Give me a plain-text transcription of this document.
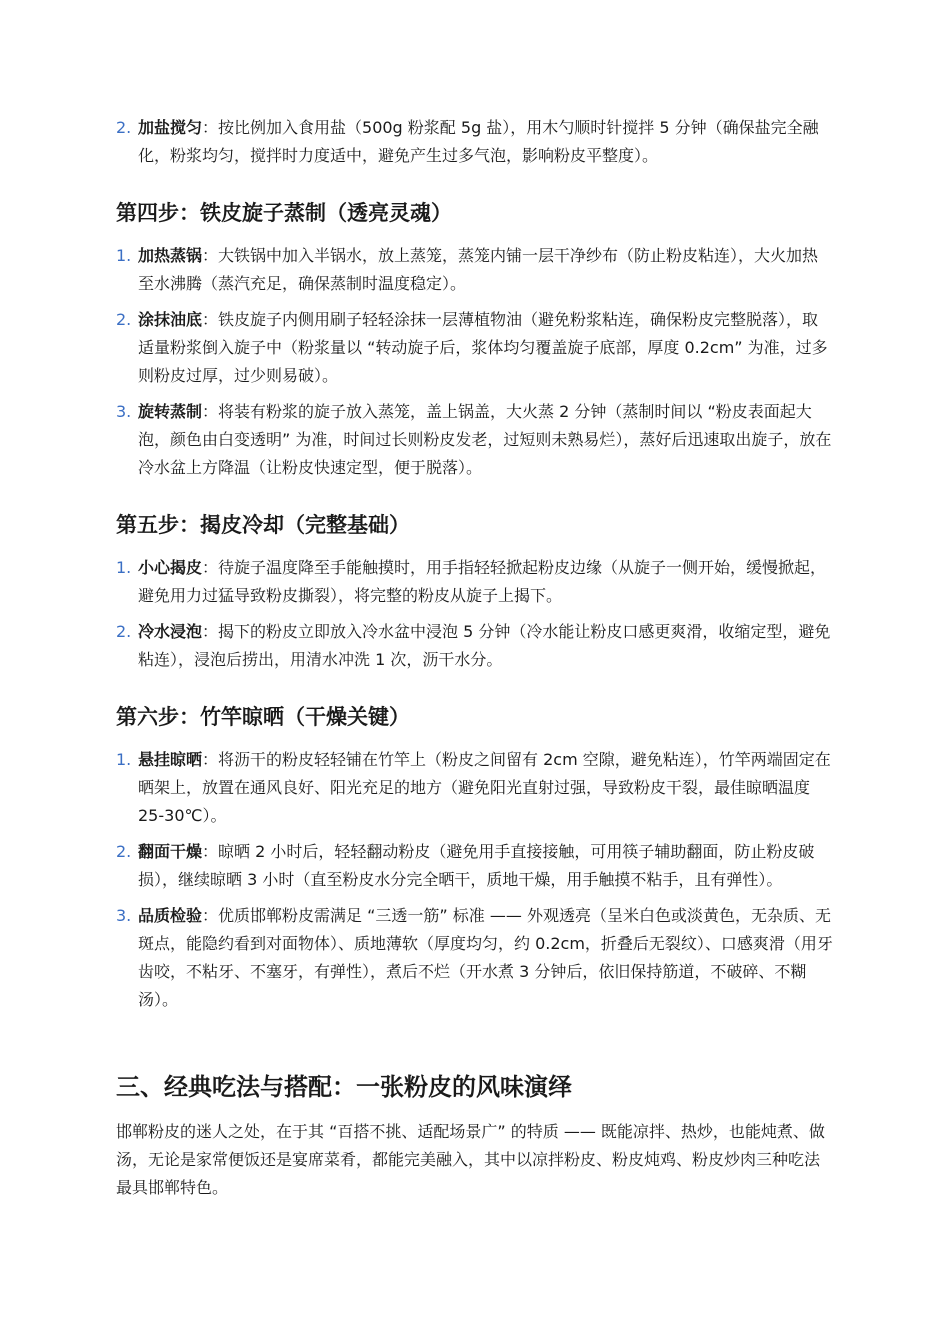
2. 加盐搅匀：按比例加入食用盐（500g 粉浆配 5g 盐），用木勺顺时针搅拌 5 分钟（确保盐完全融化，粉浆均匀，搅拌时力度适中，避免产生过多气泡，影响粉皮平整度）。
第四步：铁皮旋子蒸制（透亮灵魂）
1. 加热蒸锅：大铁锅中加入半锅水，放上蒸笼，蒸笼内铺一层干净纱布（防止粉皮粘连），大火加热至水沸腾（蒸汽充足，确保蒸制时温度稳定）。
2. 涂抹油底：铁皮旋子内侧用刷子轻轻涂抹一层薄植物油（避免粉浆粘连，确保粉皮完整脱落），取适量粉浆倒入旋子中（粉浆量以 “转动旋子后，浆体均匀覆盖旋子底部，厚度 0.2cm” 为准，过多则粉皮过厚，过少则易破）。
3. 旋转蒸制：将装有粉浆的旋子放入蒸笼，盖上锅盖，大火蒸 2 分钟（蒸制时间以 “粉皮表面起大泡，颜色由白变透明” 为准，时间过长则粉皮发老，过短则未熟易烂），蒸好后迅速取出旋子，放在冷水盆上方降温（让粉皮快速定型，便于脱落）。
第五步：揭皮冷却（完整基础）
1. 小心揭皮：待旋子温度降至手能触摸时，用手指轻轻掀起粉皮边缘（从旋子一侧开始，缓慢掀起，避免用力过猛导致粉皮撕裂），将完整的粉皮从旋子上揭下。
2. 冷水浸泡：揭下的粉皮立即放入冷水盆中浸泡 5 分钟（冷水能让粉皮口感更爽滑，收缩定型，避免粘连），浸泡后捞出，用清水冲洗 1 次，沥干水分。
第六步：竹竿晾晒（干燥关键）
1. 悬挂晾晒：将沥干的粉皮轻轻铺在竹竿上（粉皮之间留有 2cm 空隙，避免粘连），竹竿两端固定在晒架上，放置在通风良好、阳光充足的地方（避免阳光直射过强，导致粉皮干裂，最佳晾晒温度 25-30℃）。
2. 翻面干燥：晾晒 2 小时后，轻轻翻动粉皮（避免用手直接接触，可用筷子辅助翻面，防止粉皮破损），继续晾晒 3 小时（直至粉皮水分完全晒干，质地干燥，用手触摸不粘手，且有弹性）。
3. 品质检验：优质邯郸粉皮需满足 “三透一筋” 标准 —— 外观透亮（呈米白色或淡黄色，无杂质、无斑点，能隐约看到对面物体）、质地薄软（厚度均匀，约 0.2cm，折叠后无裂纹）、口感爽滑（用牙齿咬，不粘牙、不塞牙，有弹性），煮后不烂（开水煮 3 分钟后，依旧保持筋道，不破碎、不糊汤）。
三、经典吃法与搭配：一张粉皮的风味演绎

邯郸粉皮的迷人之处，在于其 “百搭不挑、适配场景广” 的特质 —— 既能凉拌、热炒，也能炖煮、做汤，无论是家常便饭还是宴席菜肴，都能完美融入，其中以凉拌粉皮、粉皮炖鸡、粉皮炒肉三种吃法最具邯郸特色。
